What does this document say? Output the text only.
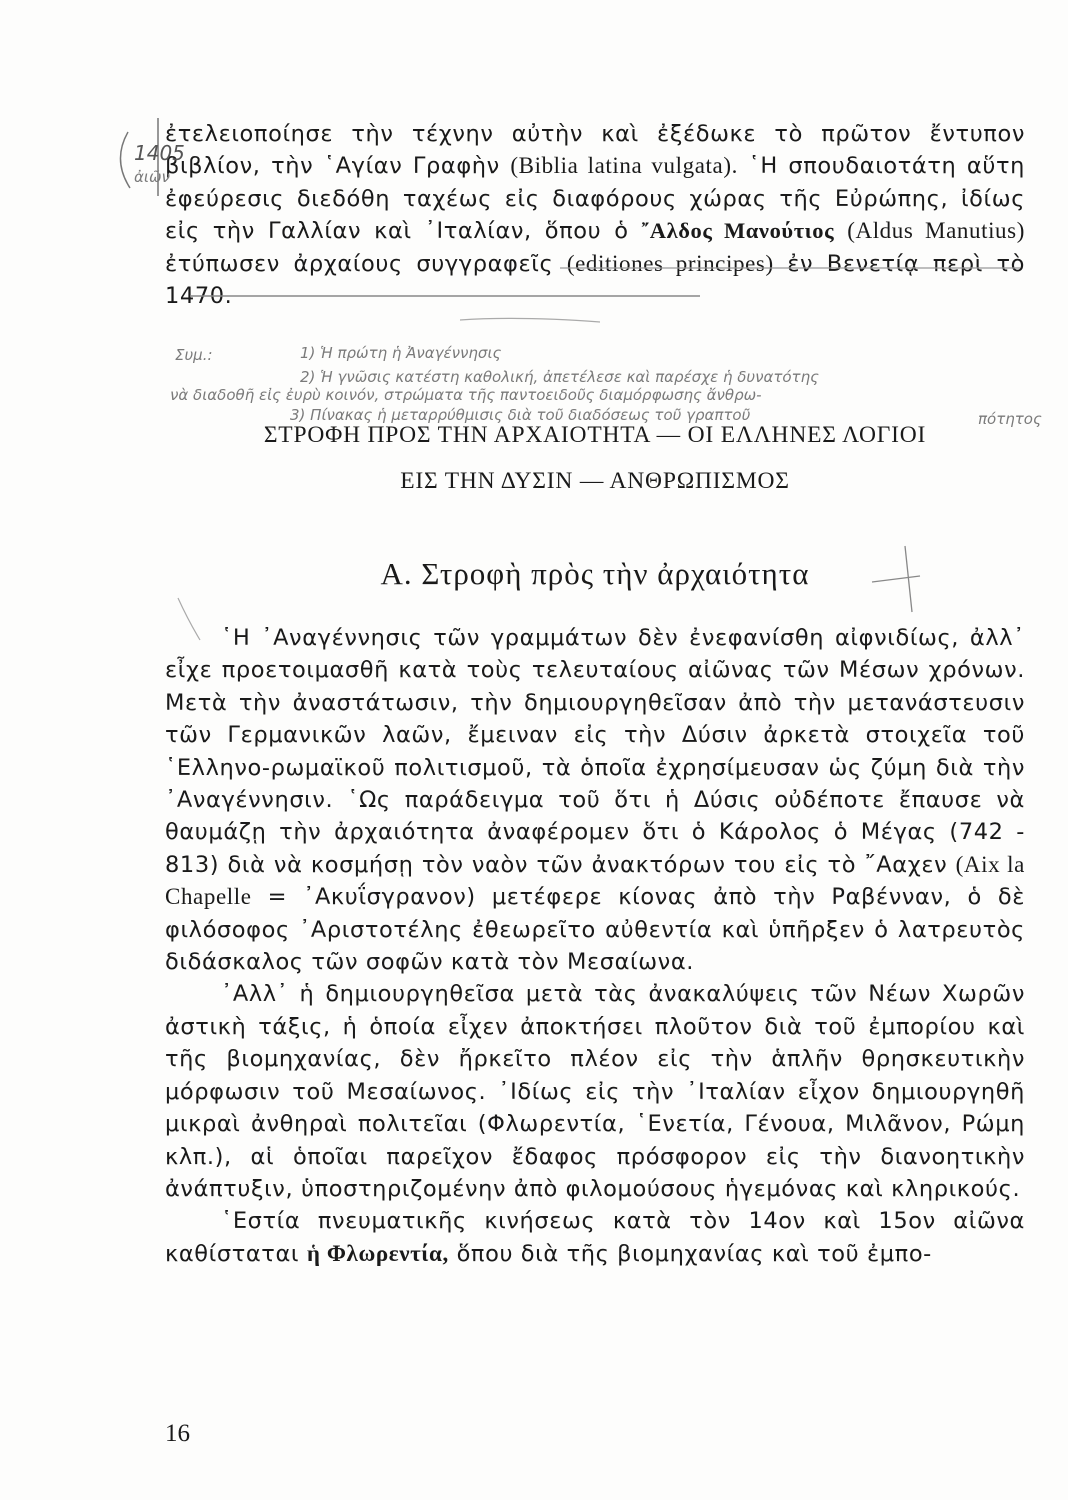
ἐτελειοποίησε τὴν τέχνην αὐτὴν καὶ ἐξέδωκε τὸ πρῶτον ἔντυπον βιβλίον, τὴν ῾Αγίαν Γραφὴν (Biblia latina vulgata). ῾Η σπουδαιοτάτη αὕτη ἐφεύρεσις διεδόθη ταχέως εἰς διαφόρους χώρας τῆς Εὐρώπης, ἰδίως εἰς τὴν Γαλλίαν καὶ ᾿Ιταλίαν, ὅπου ὁ ῎Αλδος Μανούτιος (Aldus Manutius) ἐτύπωσεν ἀρχαίους συγγραφεῖς (editiones principes) ἐν Βενετίᾳ περὶ τὸ 1470.
ΣΤΡΟΦΗ ΠΡΟΣ ΤΗΝ ΑΡΧΑΙΟΤΗΤΑ — ΟΙ ΕΛΛΗΝΕΣ ΛΟΓΙΟΙ
ΕΙΣ ΤΗΝ ΔΥΣΙΝ — ΑΝΘΡΩΠΙΣΜΟΣ
Α. Στροφὴ πρὸς τὴν ἀρχαιότητα

῾Η ᾿Αναγέννησις τῶν γραμμάτων δὲν ἐνεφανίσθη αἰφνιδίως, ἀλλ᾿ εἶχε προετοιμασθῆ κατὰ τοὺς τελευταίους αἰῶνας τῶν Μέσων χρόνων. Μετὰ τὴν ἀναστάτωσιν, τὴν δημιουργηθεῖσαν ἀπὸ τὴν μετανάστευσιν τῶν Γερμανικῶν λαῶν, ἔμειναν εἰς τὴν Δύσιν ἀρκετὰ στοιχεῖα τοῦ ῾Ελληνο-ρωμαϊκοῦ πολιτισμοῦ, τὰ ὁποῖα ἐχρησίμευσαν ὡς ζύμη διὰ τὴν ᾿Αναγέννησιν. ῾Ως παράδειγμα τοῦ ὅτι ἡ Δύσις οὐδέποτε ἔπαυσε νὰ θαυμάζῃ τὴν ἀρχαιότητα ἀναφέρομεν ὅτι ὁ Κάρολος ὁ Μέγας (742 - 813) διὰ νὰ κοσμήσῃ τὸν ναὸν τῶν ἀνακτόρων του εἰς τὸ ῎Ααχεν (Aix la Chapelle = ᾿Ακυΐσγρανον) μετέφερε κίονας ἀπὸ τὴν Ραβένναν, ὁ δὲ φιλόσοφος ᾿Αριστοτέλης ἐθεωρεῖτο αὐθεντία καὶ ὑπῆρξεν ὁ λατρευτὸς διδάσκαλος τῶν σοφῶν κατὰ τὸν Μεσαίωνα.

᾿Αλλ᾿ ἡ δημιουργηθεῖσα μετὰ τὰς ἀνακαλύψεις τῶν Νέων Χωρῶν ἀστικὴ τάξις, ἡ ὁποία εἶχεν ἀποκτήσει πλοῦτον διὰ τοῦ ἐμπορίου καὶ τῆς βιομηχανίας, δὲν ἤρκεῖτο πλέον εἰς τὴν ἁπλῆν θρησκευτικὴν μόρφωσιν τοῦ Μεσαίωνος. ᾿Ιδίως εἰς τὴν ᾿Ιταλίαν εἶχον δημιουργηθῆ μικραὶ ἀνθηραὶ πολιτεῖαι (Φλωρεντία, ῾Ενετία, Γένουα, Μιλᾶνον, Ρώμη κλπ.), αἱ ὁποῖαι παρεῖχον ἔδαφος πρόσφορον εἰς τὴν διανοητικὴν ἀνάπτυξιν, ὑποστηριζομένην ἀπὸ φιλομούσους ἡγεμόνας καὶ κληρικούς.

῾Εστία πνευματικῆς κινήσεως κατὰ τὸν 14ον καὶ 15ον αἰῶνα καθίσταται ἡ Φλωρεντία, ὅπου διὰ τῆς βιομηχανίας καὶ τοῦ ἐμπο-

16
1405
ἀιῶν
Συμ.:	1) Ἡ πρώτη ἡ Ἀναγέννησις
2) Ἡ γνῶσις κατέστη καθολική, ἀπετέλεσε καὶ παρέσχε ἡ δυνατότης
νὰ διαδοθῆ εἰς ἐυρὺ κοινόν, στρώματα τῆς παντοειδοῦς διαμόρφωσης ἄνθρω-
πότητος
3) Πίνακας ἡ μεταρρύθμισις διὰ τοῦ διαδόσεως τοῦ γραπτοῦ
